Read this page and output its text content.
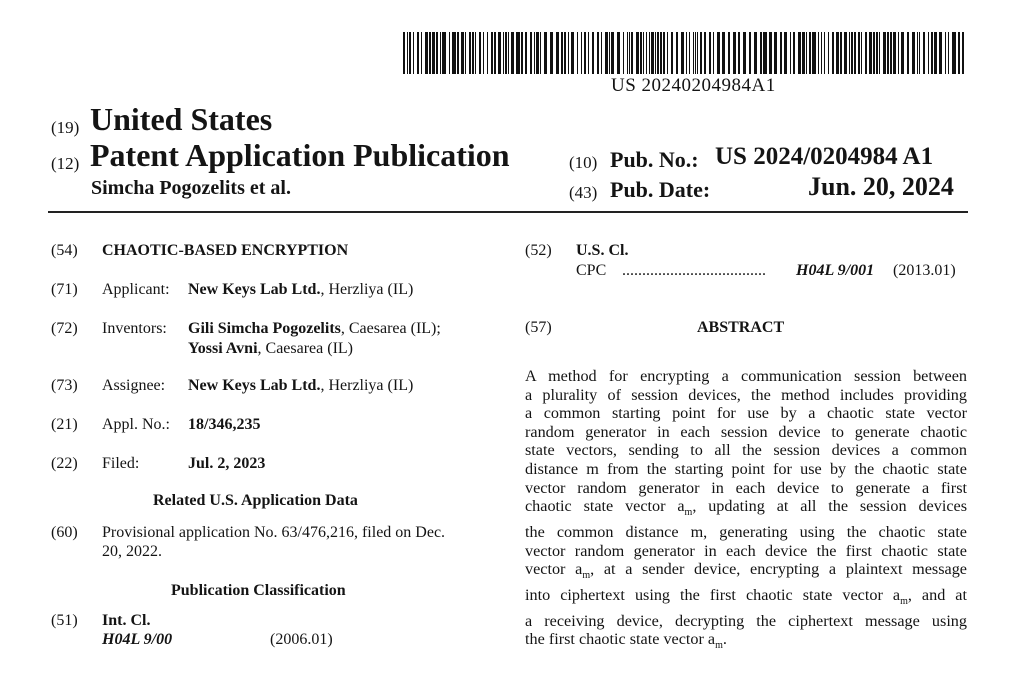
US 20240204984A1
(19) United States
(12) Patent Application Publication
Simcha Pogozelits et al.
(10) Pub. No.: US 2024/0204984 A1
(43) Pub. Date:	Jun. 20, 2024
(54) CHAOTIC-BASED ENCRYPTION
(71) Applicant: New Keys Lab Ltd., Herzliya (IL)
(72) Inventors: Gili Simcha Pogozelits, Caesarea (IL);
Yossi Avni, Caesarea (IL)
(73) Assignee: New Keys Lab Ltd., Herzliya (IL)
(21) Appl. No.: 18/346,235
(22) Filed:	Jul. 2, 2023
Related U.S. Application Data
(60) Provisional application No. 63/476,216, filed on Dec.
20, 2022.
Publication Classification
(51) Int. Cl.
H04L 9/00	(2006.01)
(52) U.S. Cl.
CPC .................................... H04L 9/001 (2013.01)
(57)	ABSTRACT
A method for encrypting a communication session between
a plurality of session devices, the method includes providing
a common starting point for use by a chaotic state vector
random generator in each session device to generate chaotic
state vectors, sending to all the session devices a common
distance m from the starting point for use by the chaotic state
vector random generator in each device to generate a first
chaotic state vector $a_m$, updating at all the session devices
the common distance m, generating using the chaotic state
vector random generator in each device the first chaotic state
vector $a_m$, at a sender device, encrypting a plaintext message
into ciphertext using the first chaotic state vector $a_m$, and at
a receiving device, decrypting the ciphertext message using
the first chaotic state vector $a_m$.
